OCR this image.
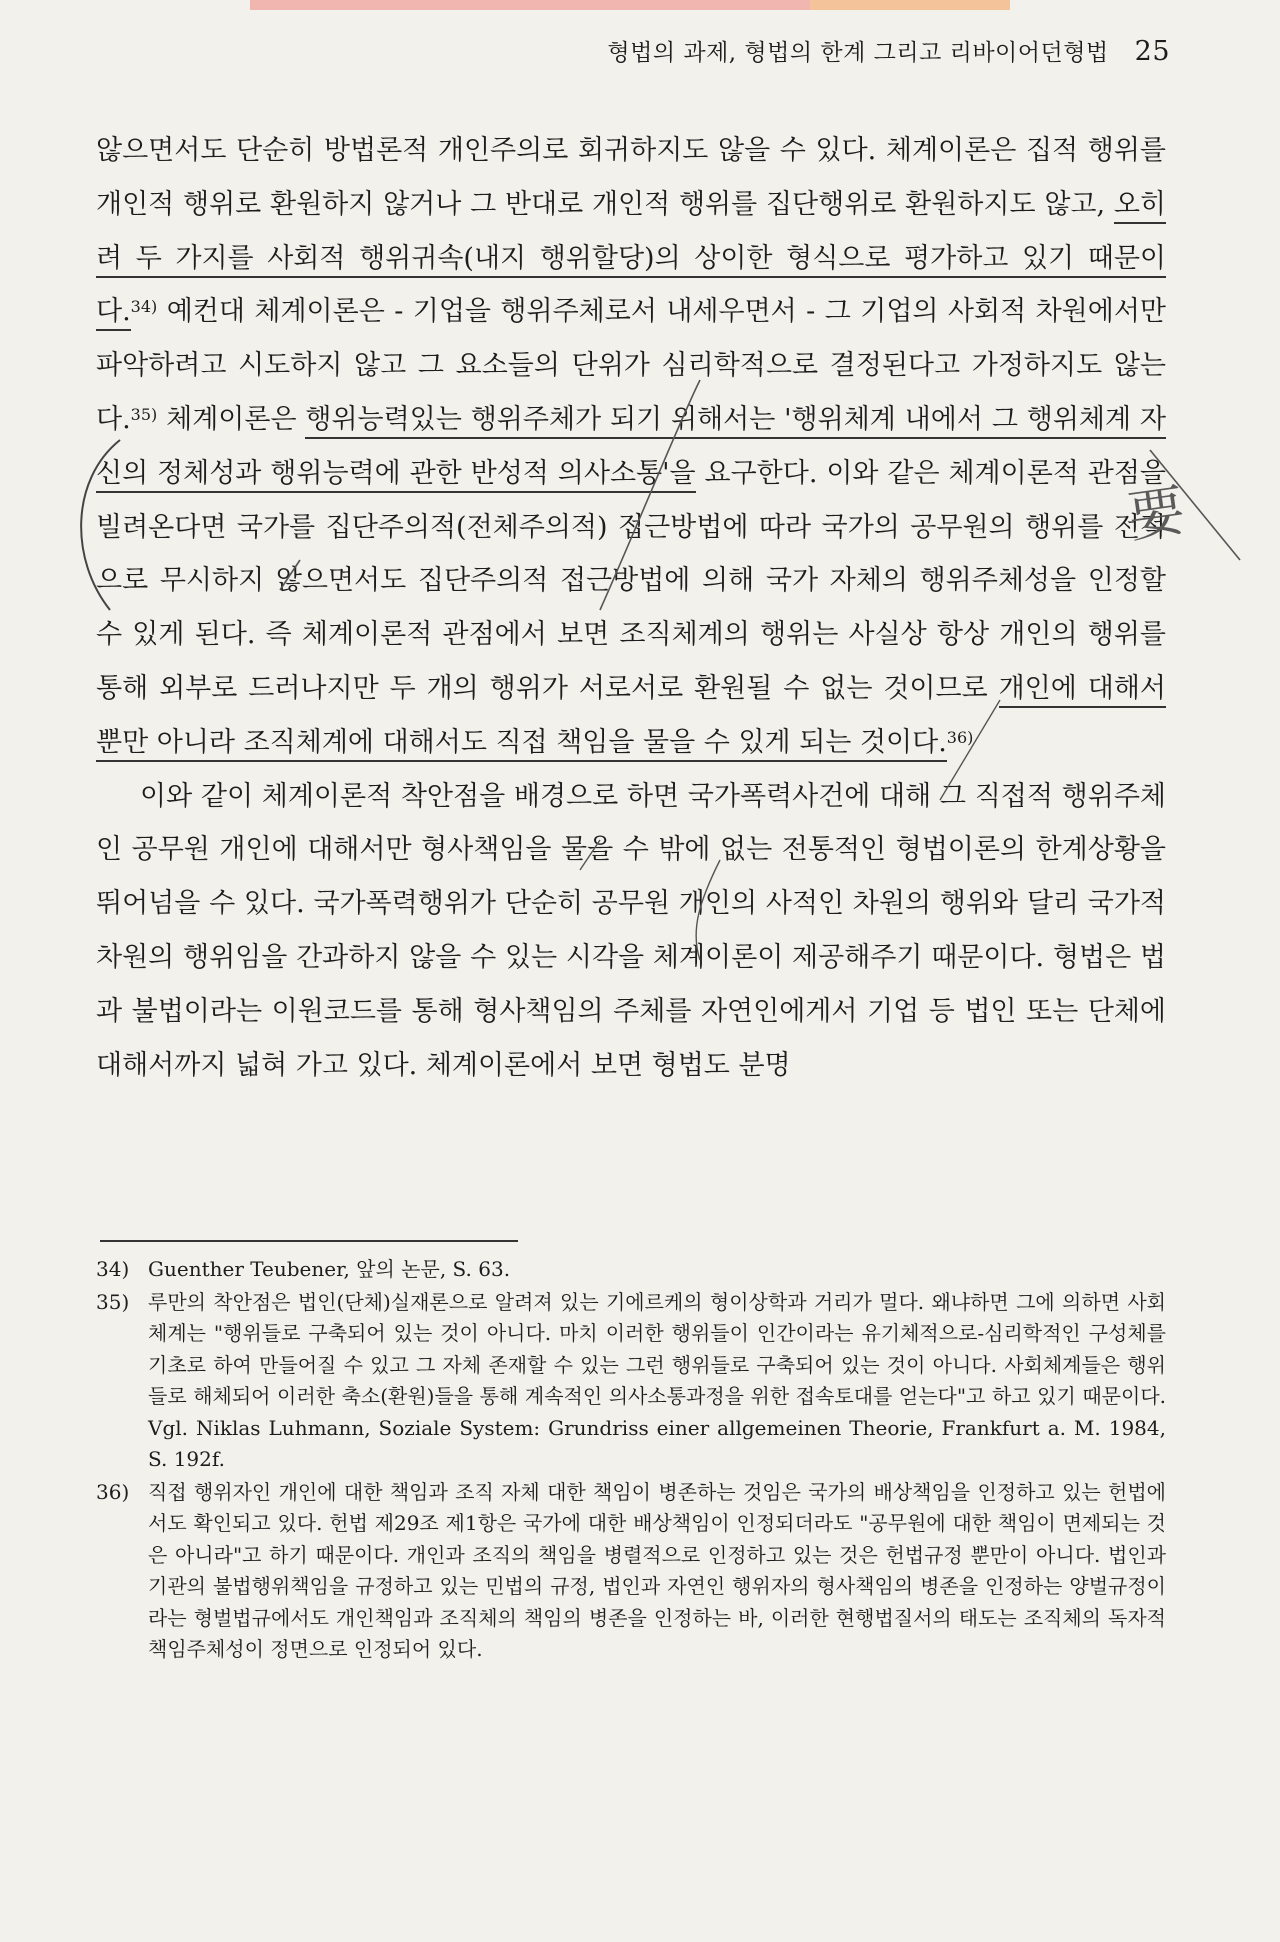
형법의 과제, 형법의 한계 그리고 리바이어던형법 25

않으면서도 단순히 방법론적 개인주의로 회귀하지도 않을 수 있다. 체계이론은 집적 행위를 개인적 행위로 환원하지 않거나 그 반대로 개인적 행위를 집단행위로 환원하지도 않고, 오히려 두 가지를 사회적 행위귀속(내지 행위할당)의 상이한 형식으로 평가하고 있기 때문이다.$^{34)}$ 예컨대 체계이론은 - 기업을 행위주체로서 내세우면서 - 그 기업의 사회적 차원에서만 파악하려고 시도하지 않고 그 요소들의 단위가 심리학적으로 결정된다고 가정하지도 않는다.$^{35)}$ 체계이론은 행위능력있는 행위주체가 되기 위해서는 '행위체계 내에서 그 행위체계 자신의 정체성과 행위능력에 관한 반성적 의사소통'을 요구한다. 이와 같은 체계이론적 관점을 빌려온다면 국가를 집단주의적(전체주의적) 접근방법에 따라 국가의 공무원의 행위를 전적으로 무시하지 않으면서도 집단주의적 접근방법에 의해 국가 자체의 행위주체성을 인정할 수 있게 된다. 즉 체계이론적 관점에서 보면 조직체계의 행위는 사실상 항상 개인의 행위를 통해 외부로 드러나지만 두 개의 행위가 서로서로 환원될 수 없는 것이므로 개인에 대해서 뿐만 아니라 조직체계에 대해서도 직접 책임을 물을 수 있게 되는 것이다.$^{36)}$

이와 같이 체계이론적 착안점을 배경으로 하면 국가폭력사건에 대해 그 직접적 행위주체인 공무원 개인에 대해서만 형사책임을 물을 수 밖에 없는 전통적인 형법이론의 한계상황을 뛰어넘을 수 있다. 국가폭력행위가 단순히 공무원 개인의 사적인 차원의 행위와 달리 국가적 차원의 행위임을 간과하지 않을 수 있는 시각을 체계이론이 제공해주기 때문이다. 형법은 법과 불법이라는 이원코드를 통해 형사책임의 주체를 자연인에게서 기업 등 법인 또는 단체에 대해서까지 넓혀 가고 있다. 체계이론에서 보면 형법도 분명

34) Guenther Teubener, 앞의 논문, S. 63.
35) 루만의 착안점은 법인(단체)실재론으로 알려져 있는 기에르케의 형이상학과 거리가 멀다. 왜냐하면 그에 의하면 사회 체계는 "행위들로 구축되어 있는 것이 아니다. 마치 이러한 행위들이 인간이라는 유기체적으로-심리학적인 구성체를 기초로 하여 만들어질 수 있고 그 자체 존재할 수 있는 그런 행위들로 구축되어 있는 것이 아니다. 사회체계들은 행위들로 해체되어 이러한 축소(환원)들을 통해 계속적인 의사소통과정을 위한 접속토대를 얻는다"고 하고 있기 때문이다. Vgl. Niklas Luhmann, Soziale System: Grundriss einer allgemeinen Theorie, Frankfurt a. M. 1984, S. 192f.
36) 직접 행위자인 개인에 대한 책임과 조직 자체 대한 책임이 병존하는 것임은 국가의 배상책임을 인정하고 있는 헌법에서도 확인되고 있다. 헌법 제29조 제1항은 국가에 대한 배상책임이 인정되더라도 "공무원에 대한 책임이 면제되는 것은 아니라"고 하기 때문이다. 개인과 조직의 책임을 병렬적으로 인정하고 있는 것은 헌법규정 뿐만이 아니다. 법인과 기관의 불법행위책임을 규정하고 있는 민법의 규정, 법인과 자연인 행위자의 형사책임의 병존을 인정하는 양벌규정이라는 형벌법규에서도 개인책임과 조직체의 책임의 병존을 인정하는 바, 이러한 현행법질서의 태도는 조직체의 독자적 책임주체성이 정면으로 인정되어 있다.
要
